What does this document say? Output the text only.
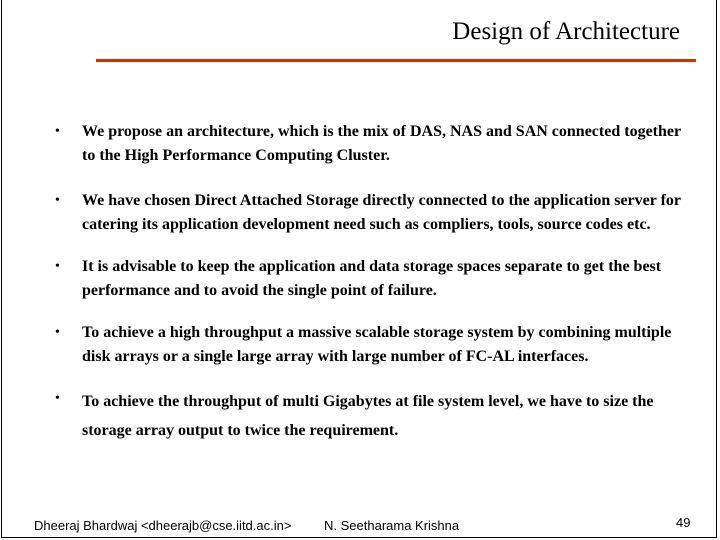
Design of Architecture
• We propose an architecture, which is the mix of DAS, NAS and SAN connected together to the High Performance Computing Cluster.
• We have chosen Direct Attached Storage directly connected to the application server for catering its application development need such as compliers, tools, source codes etc.
• It is advisable to keep the application and data storage spaces separate to get the best performance and to avoid the single point of failure.
• To achieve a high throughput a massive scalable storage system by combining multiple disk arrays or a single large array with large number of FC-AL interfaces.
• To achieve the throughput of multi Gigabytes at file system level, we have to size the storage array output to twice the requirement.
Dheeraj Bhardwaj <dheerajb@cse.iitd.ac.in>	N. Seetharama Krishna	49
